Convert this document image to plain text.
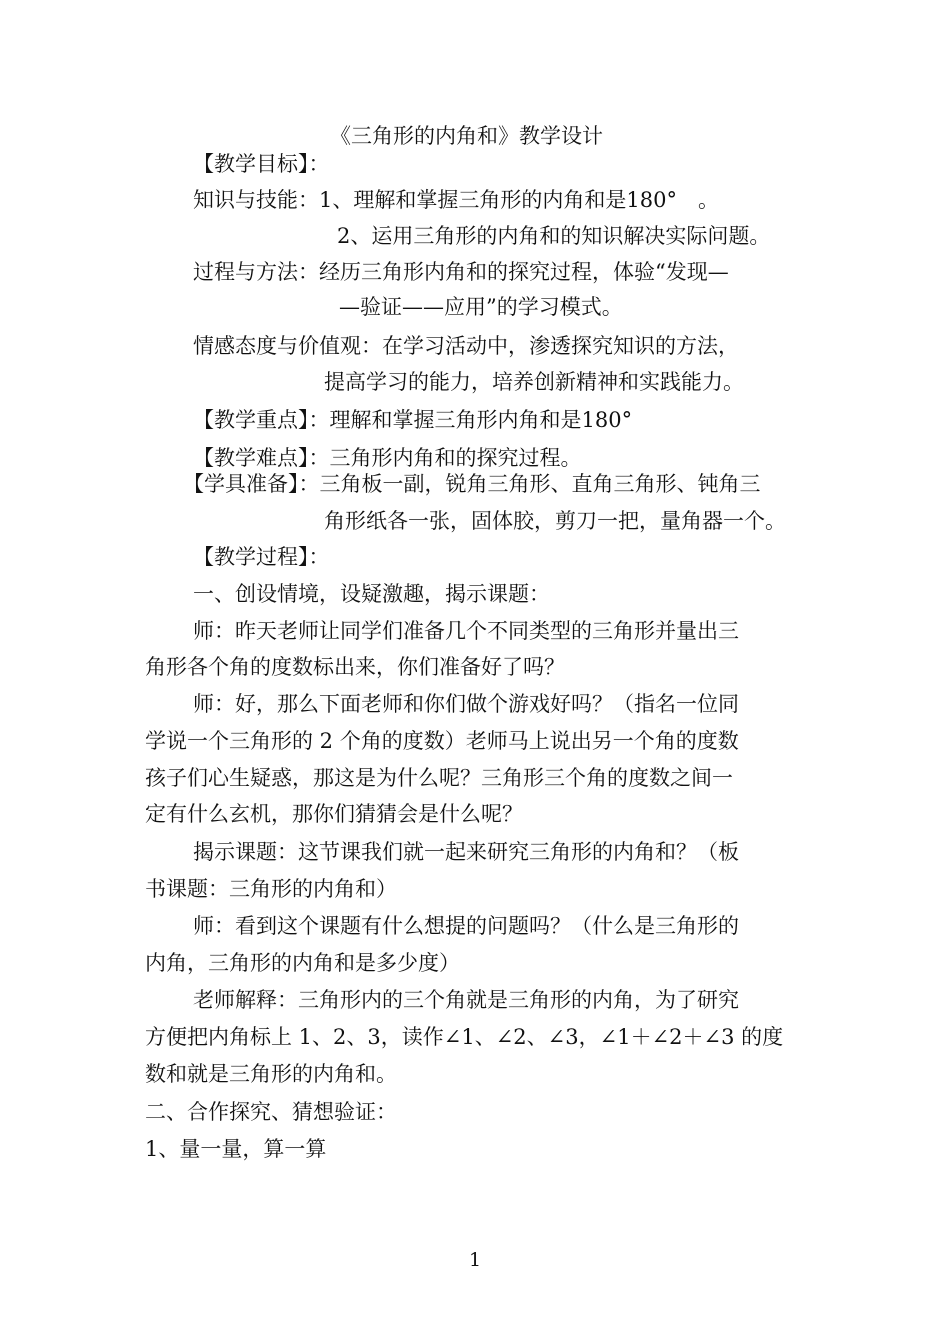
《三角形的内角和》教学设计
【教学目标】：
知识与技能：1、理解和掌握三角形的内角和是180°　。
2、运用三角形的内角和的知识解决实际问题。
过程与方法：经历三角形内角和的探究过程，体验“发现—
—验证——应用”的学习模式。
情感态度与价值观：在学习活动中，渗透探究知识的方法，
提高学习的能力，培养创新精神和实践能力。
【教学重点】：理解和掌握三角形内角和是180°
【教学难点】：三角形内角和的探究过程。
【学具准备】：三角板一副，锐角三角形、直角三角形、钝角三
角形纸各一张，固体胶，剪刀一把，量角器一个。
【教学过程】：
一、创设情境，设疑激趣，揭示课题：
师：昨天老师让同学们准备几个不同类型的三角形并量出三
角形各个角的度数标出来，你们准备好了吗？
师：好，那么下面老师和你们做个游戏好吗？（指名一位同
学说一个三角形的 2 个角的度数）老师马上说出另一个角的度数
孩子们心生疑惑，那这是为什么呢？三角形三个角的度数之间一
定有什么玄机，那你们猜猜会是什么呢？
揭示课题：这节课我们就一起来研究三角形的内角和？（板
书课题：三角形的内角和）
师：看到这个课题有什么想提的问题吗？（什么是三角形的
内角，三角形的内角和是多少度）
老师解释：三角形内的三个角就是三角形的内角，为了研究
方便把内角标上 1、2、3，读作∠1、∠2、∠3，∠1＋∠2＋∠3 的度
数和就是三角形的内角和。
二、合作探究、猜想验证：
1、量一量，算一算
1
